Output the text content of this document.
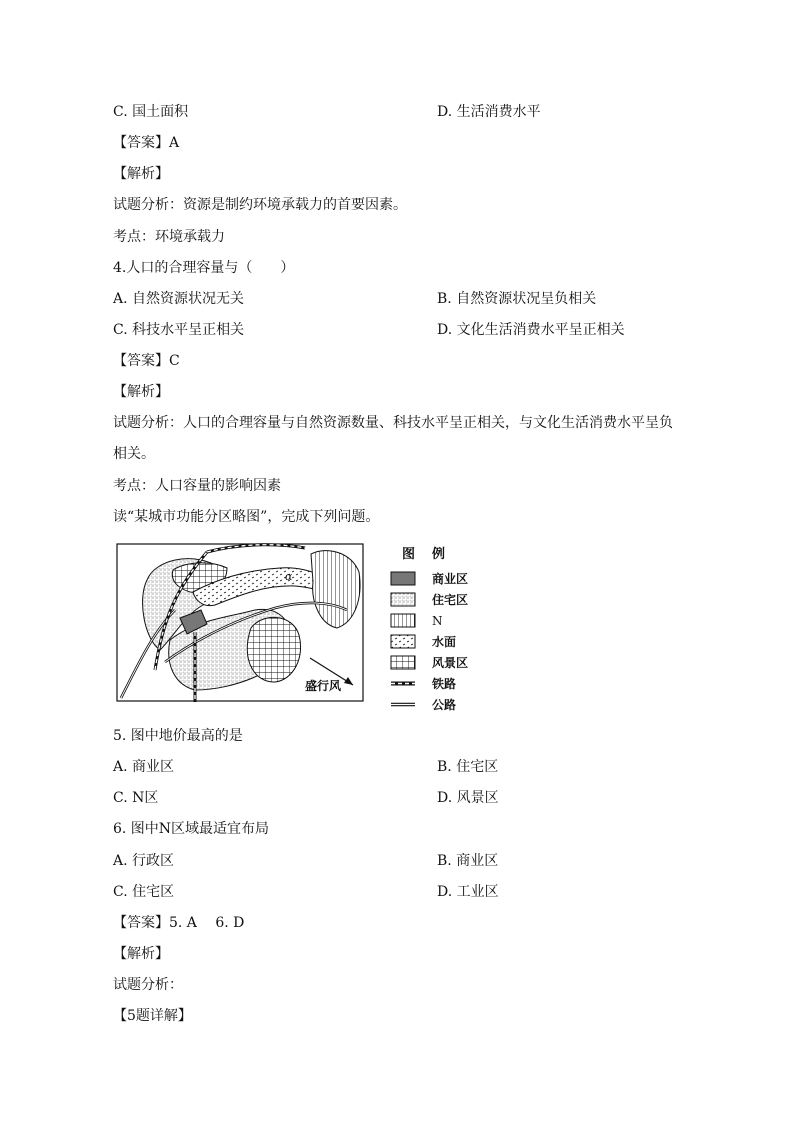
C. 国土面积	D. 生活消费水平
【答案】A
【解析】
试题分析：资源是制约环境承载力的首要因素。
考点：环境承载力
4.人口的合理容量与（　　）
A. 自然资源状况无关	B. 自然资源状况呈负相关
C. 科技水平呈正相关	D. 文化生活消费水平呈正相关
【答案】C
【解析】
试题分析：人口的合理容量与自然资源数量、科技水平呈正相关，与文化生活消费水平呈负
相关。
考点：人口容量的影响因素
读“某城市功能分区略图”，完成下列问题。
α
盛行风
图　例
商业区
住宅区
N
水面
风景区
铁路
公路
5. 图中地价最高的是
A. 商业区	B. 住宅区
C. N区	D. 风景区
6. 图中N区域最适宜布局
A. 行政区	B. 商业区
C. 住宅区	D. 工业区
【答案】5. A　 6. D
【解析】
试题分析：
【5题详解】
